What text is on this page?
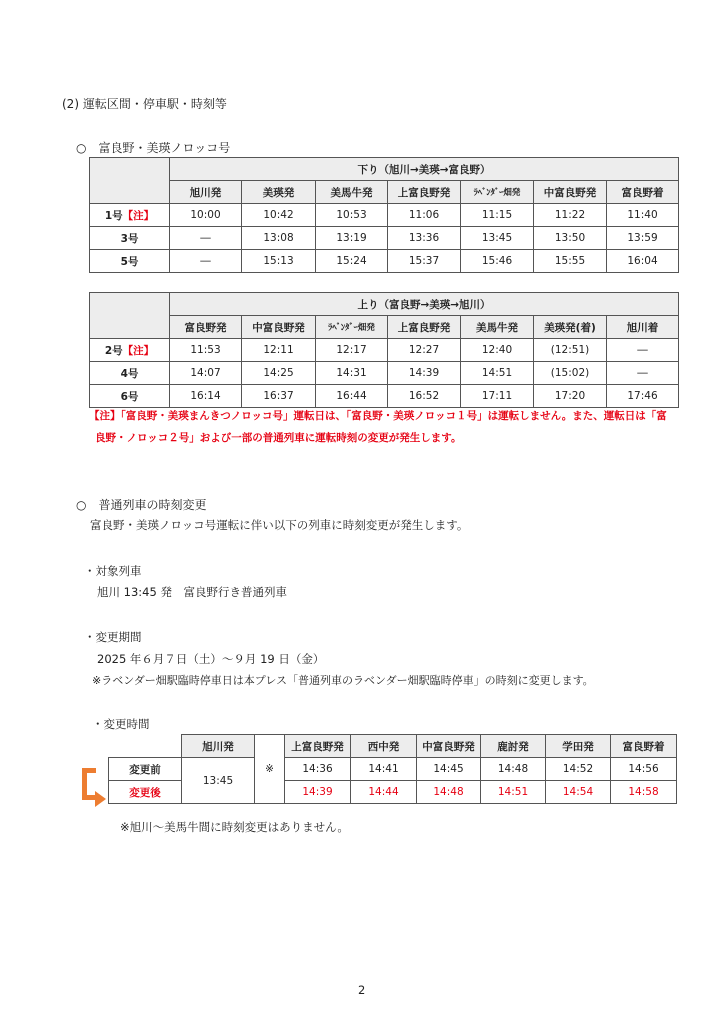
(2) 運転区間・停車駅・時刻等
○　富良野・美瑛ノロッコ号
	下り（旭川→美瑛→富良野）						
	旭川発	美瑛発	美馬牛発	上富良野発	ﾗﾍﾞﾝﾀﾞｰ畑発	中富良野発	富良野着
1号【注】	10:00	10:42	10:53	11:06	11:15	11:22	11:40
3号	―	13:08	13:19	13:36	13:45	13:50	13:59
5号	―	15:13	15:24	15:37	15:46	15:55	16:04
	上り（富良野→美瑛→旭川）						
	富良野発	中富良野発	ﾗﾍﾞﾝﾀﾞｰ畑発	上富良野発	美馬牛発	美瑛発(着)	旭川着
2号【注】	11:53	12:11	12:17	12:27	12:40	(12:51)	―
4号	14:07	14:25	14:31	14:39	14:51	(15:02)	―
6号	16:14	16:37	16:44	16:52	17:11	17:20	17:46
【注】「富良野・美瑛まんきつノロッコ号」運転日は、「富良野・美瑛ノロッコ１号」は運転しません。また、運転日は「富
良野・ノロッコ２号」および一部の普通列車に運転時刻の変更が発生します。
○　普通列車の時刻変更
富良野・美瑛ノロッコ号運転に伴い以下の列車に時刻変更が発生します。
・対象列車
旭川 13:45 発　富良野行き普通列車
・変更期間
2025 年６月７日（土）～９月 19 日（金）
※ラベンダー畑駅臨時停車日は本プレス「普通列車のラベンダー畑駅臨時停車」の時刻に変更します。
・変更時間
	旭川発	※	上富良野発	西中発	中富良野発	鹿討発	学田発	富良野着
変更前	13:45		14:36	14:41	14:45	14:48	14:52	14:56
変更後			14:39	14:44	14:48	14:51	14:54	14:58
※旭川～美馬牛間に時刻変更はありません。
2
